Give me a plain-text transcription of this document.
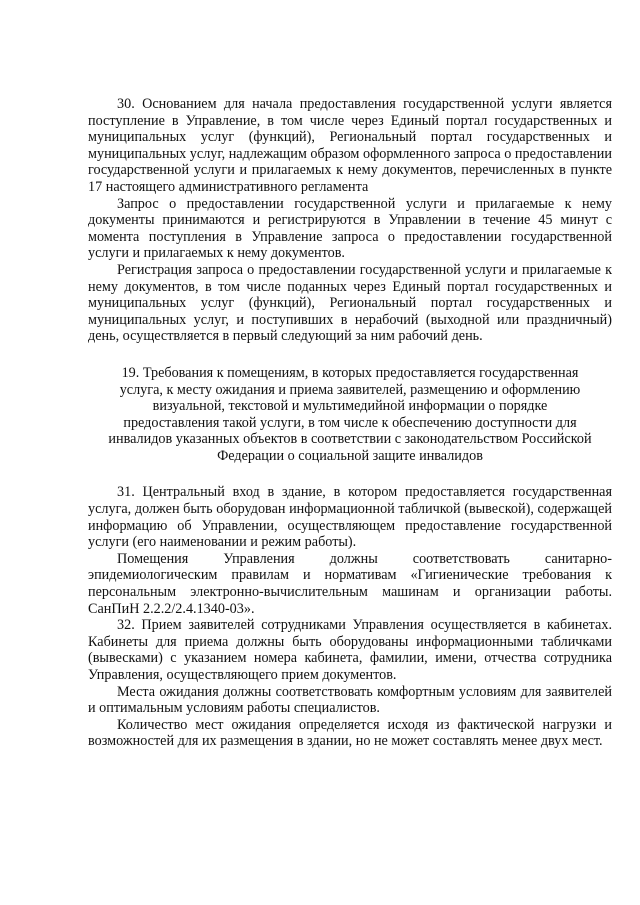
30. Основанием для начала предоставления государственной услуги является поступление в Управление, в том числе через Единый портал государственных и муниципальных услуг (функций), Региональный портал государственных и муниципальных услуг, надлежащим образом оформленного запроса о предоставлении государственной услуги и прилагаемых к нему документов, перечисленных в пункте 17 настоящего административного регламента

Запрос о предоставлении государственной услуги и прилагаемые к нему документы принимаются и регистрируются в Управлении в течение 45 минут с момента поступления в Управление запроса о предоставлении государственной услуги и прилагаемых к нему документов.

Регистрация запроса о предоставлении государственной услуги и прилагаемые к нему документов, в том числе поданных через Единый портал государственных и муниципальных услуг (функций), Региональный портал государственных и муниципальных услуг, и поступивших в нерабочий (выходной или праздничный) день, осуществляется в первый следующий за ним рабочий день.

19. Требования к помещениям, в которых предоставляется государственная услуга, к месту ожидания и приема заявителей, размещению и оформлению визуальной, текстовой и мультимедийной информации о порядке предоставления такой услуги, в том числе к обеспечению доступности для инвалидов указанных объектов в соответствии с законодательством Российской Федерации о социальной защите инвалидов

31. Центральный вход в здание, в котором предоставляется государственная услуга, должен быть оборудован информационной табличкой (вывеской), содержащей информацию об Управлении, осуществляющем предоставление государственной услуги (его наименовании и режим работы).

Помещения Управления должны соответствовать санитарно-эпидемиологическим правилам и нормативам «Гигиенические требования к персональным электронно-вычислительным машинам и организации работы. СанПиН 2.2.2/2.4.1340-03».

32. Прием заявителей сотрудниками Управления осуществляется в кабинетах. Кабинеты для приема должны быть оборудованы информационными табличками (вывесками) с указанием номера кабинета, фамилии, имени, отчества сотрудника Управления, осуществляющего прием документов.

Места ожидания должны соответствовать комфортным условиям для заявителей и оптимальным условиям работы специалистов.

Количество мест ожидания определяется исходя из фактической нагрузки и возможностей для их размещения в здании, но не может составлять менее двух мест.
